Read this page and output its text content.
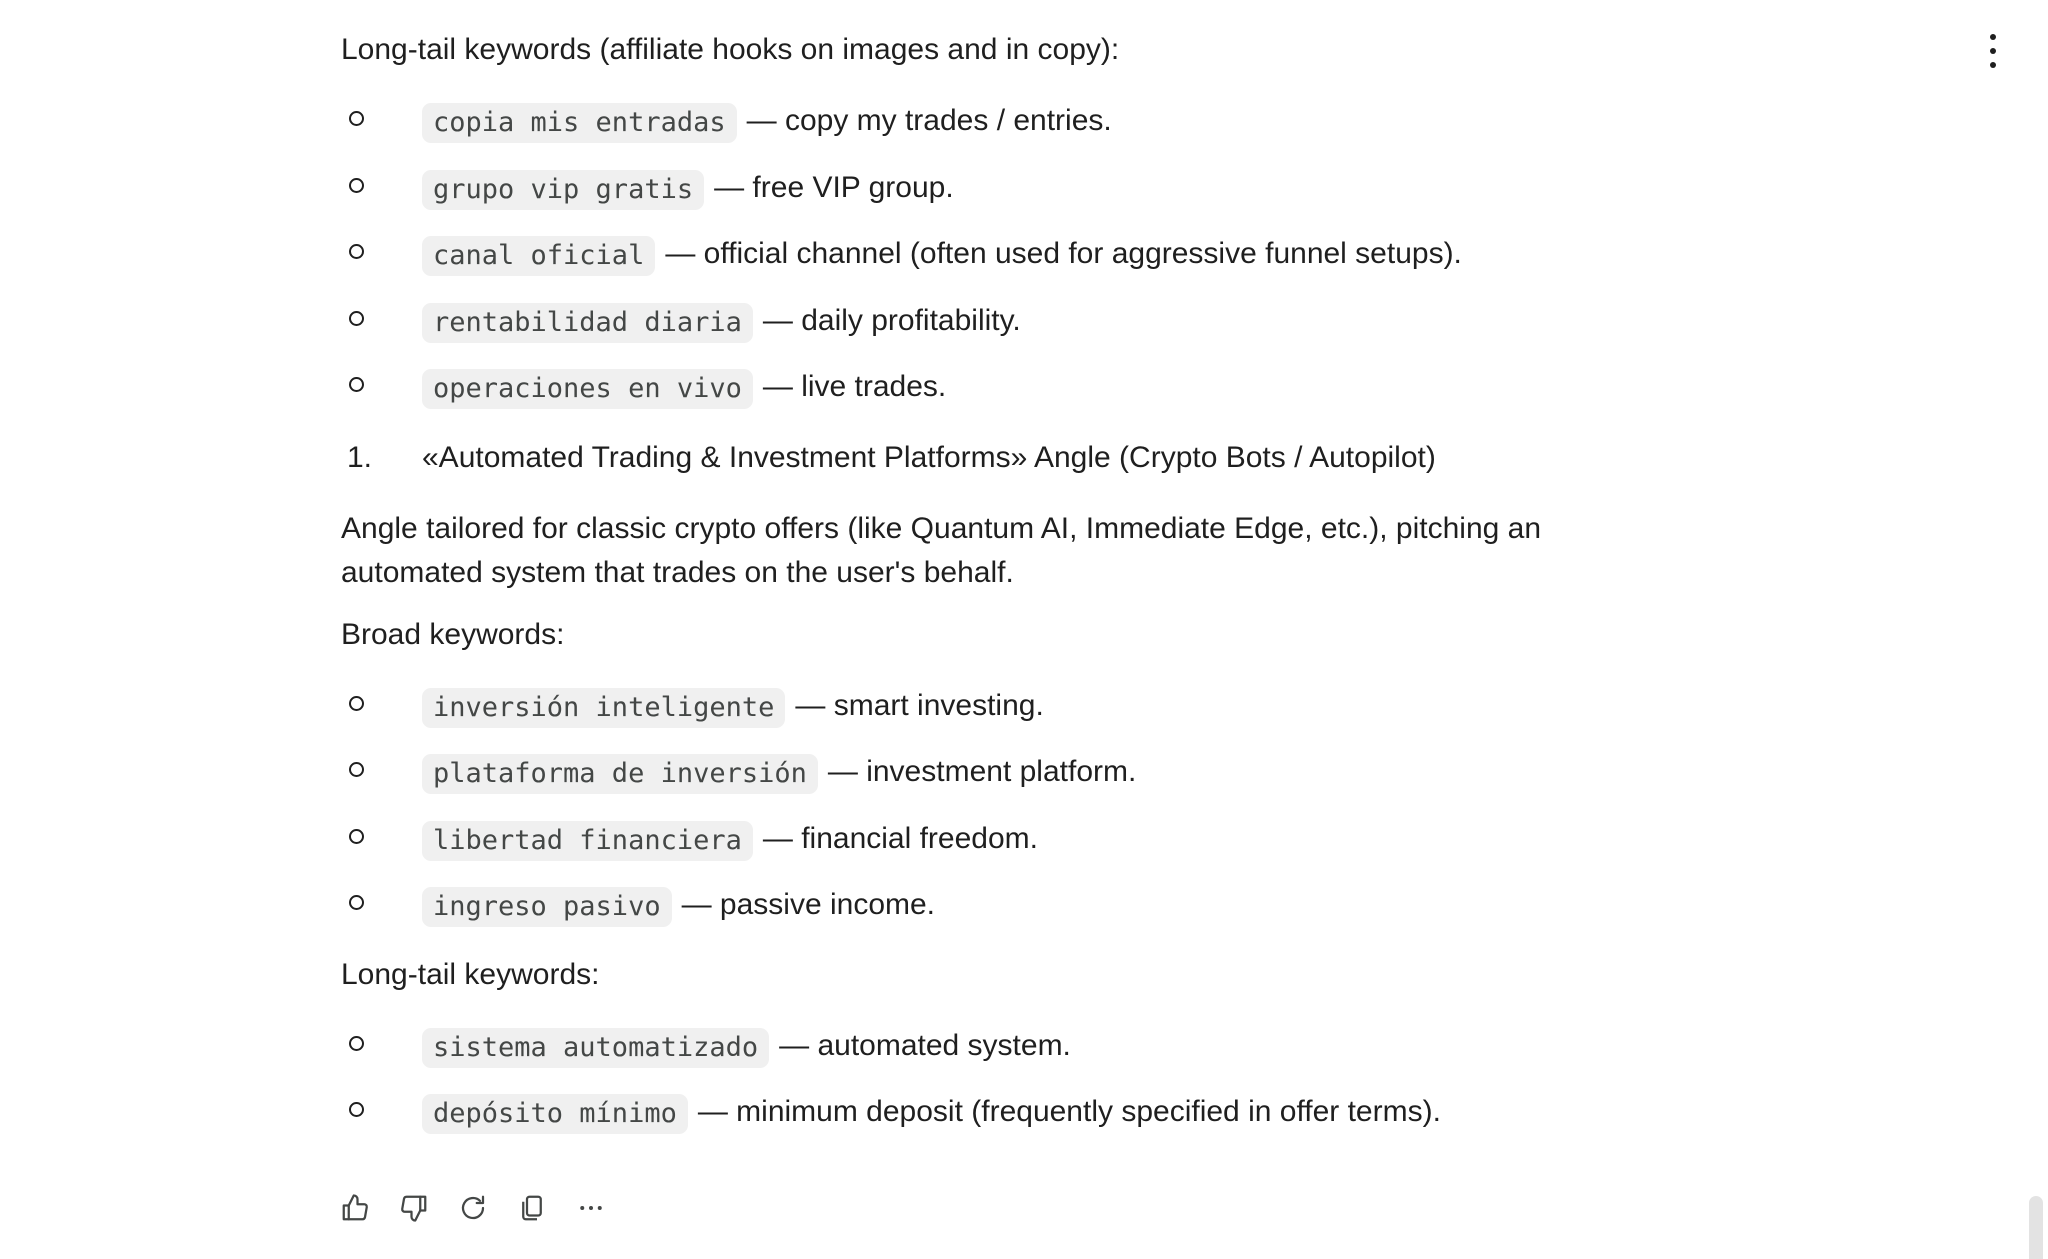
Long-tail keywords (affiliate hooks on images and in copy):

copia mis entradas — copy my trades / entries.
grupo vip gratis — free VIP group.
canal oficial — official channel (often used for aggressive funnel setups).
rentabilidad diaria — daily profitability.
operaciones en vivo — live trades.
1. «Automated Trading & Investment Platforms» Angle (Crypto Bots / Autopilot)

Angle tailored for classic crypto offers (like Quantum AI, Immediate Edge, etc.), pitching an automated system that trades on the user's behalf.

Broad keywords:

inversión inteligente — smart investing.
plataforma de inversión — investment platform.
libertad financiera — financial freedom.
ingreso pasivo — passive income.

Long-tail keywords:

sistema automatizado — automated system.
depósito mínimo — minimum deposit (frequently specified in offer terms).
